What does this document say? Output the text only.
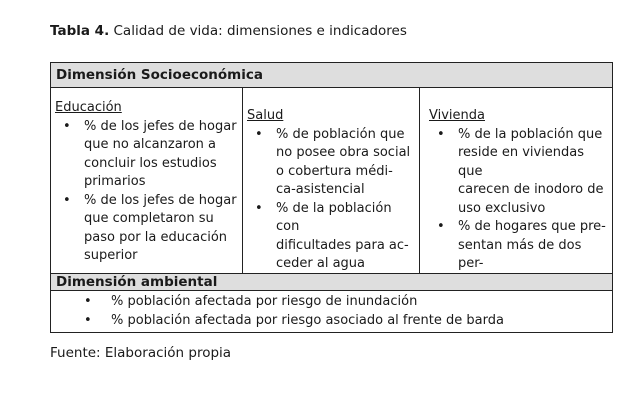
Tabla 4. Calidad de vida: dimensiones e indicadores
Dimensión Socioeconómica
Educación
• % de los jefes de hogar
que no alcanzaron a
concluir los estudios
primarios
• % de los jefes de hogar
que completaron su
paso por la educación
superior
Salud
• % de población que
no posee obra social
o cobertura médi-
ca-asistencial
• % de la población con
dificultades para ac-
ceder al agua
Vivienda
• % de la población que
reside en viviendas que
carecen de inodoro de
uso exclusivo
• % de hogares que pre-
sentan más de dos per-
Dimensión ambiental
• % población afectada por riesgo de inundación
• % población afectada por riesgo asociado al frente de barda
Fuente: Elaboración propia
